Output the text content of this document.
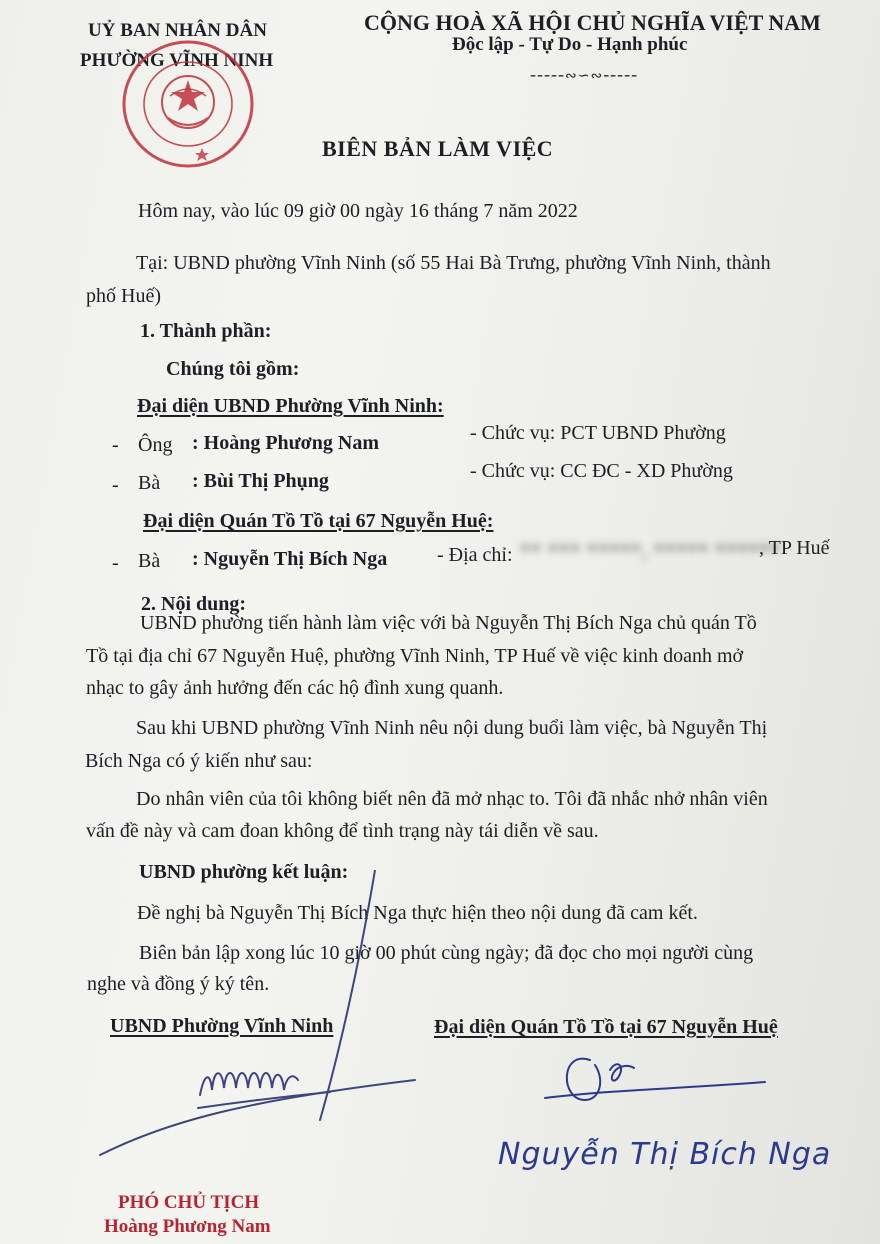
UỶ BAN NHÂN DÂN
PHƯỜNG VĨNH NINH
CỘNG HOÀ XÃ HỘI CHỦ NGHĨA VIỆT NAM
Độc lập - Tự Do - Hạnh phúc
-----∾∽∾-----
BIÊN BẢN LÀM VIỆC
Hôm nay, vào lúc 09 giờ 00 ngày 16 tháng 7 năm 2022
Tại: UBND phường Vĩnh Ninh (số 55 Hai Bà Trưng, phường Vĩnh Ninh, thành
phố Huế)
1. Thành phần:
Chúng tôi gồm:
Đại diện UBND Phường Vĩnh Ninh:
- Ông : Hoàng Phương Nam	- Chức vụ: PCT UBND Phường
- Bà : Bùi Thị Phụng	- Chức vụ: CC ĐC - XD Phường
Đại diện Quán Tồ Tồ tại 67 Nguyễn Huệ:
- Bà : Nguyễn Thị Bích Nga - Địa chỉ: ** *** *****, ***** ******
, TP Huế
2. Nội dung:
UBND phường tiến hành làm việc với bà Nguyễn Thị Bích Nga chủ quán Tồ
Tồ tại địa chỉ 67 Nguyễn Huệ, phường Vĩnh Ninh, TP Huế về việc kinh doanh mở
nhạc to gây ảnh hưởng đến các hộ đình xung quanh.
Sau khi UBND phường Vĩnh Ninh nêu nội dung buổi làm việc, bà Nguyễn Thị
Bích Nga có ý kiến như sau:
Do nhân viên của tôi không biết nên đã mở nhạc to. Tôi đã nhắc nhở nhân viên
vấn đề này và cam đoan không để tình trạng này tái diễn về sau.
UBND phường kết luận:
Đề nghị bà Nguyễn Thị Bích Nga thực hiện theo nội dung đã cam kết.
Biên bản lập xong lúc 10 giờ 00 phút cùng ngày; đã đọc cho mọi người cùng
nghe và đồng ý ký tên.
UBND Phường Vĩnh Ninh	Đại diện Quán Tồ Tồ tại 67 Nguyễn Huệ
Nguyễn Thị Bích Nga
PHÓ CHỦ TỊCH
Hoàng Phương Nam
